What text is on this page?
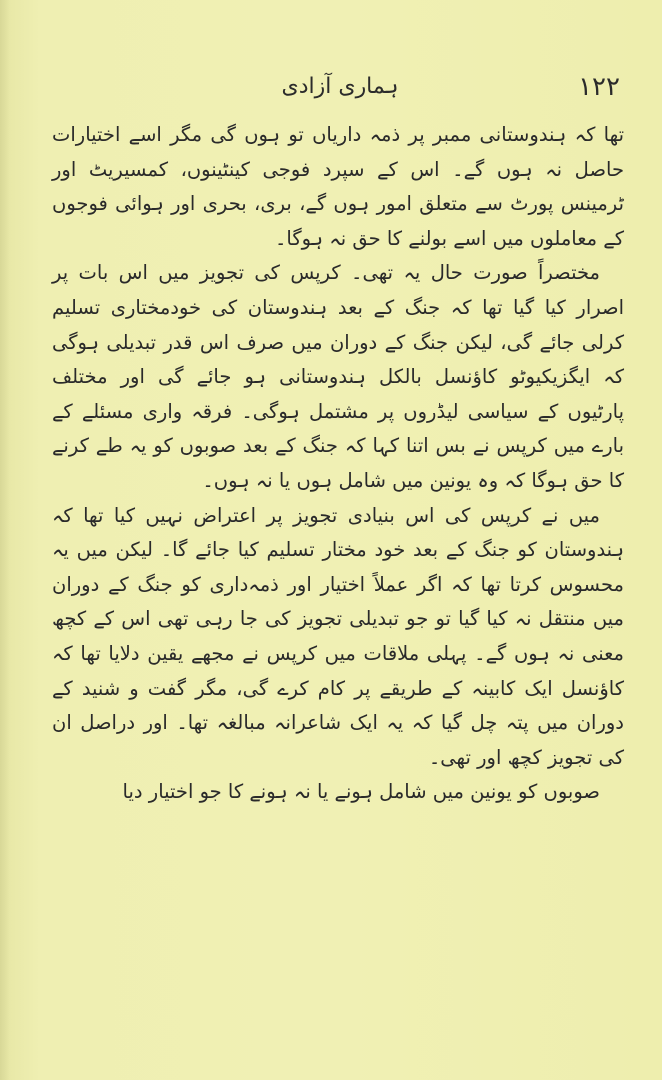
۱۲۲
ہماری آزادی

تھا کہ ہندوستانی ممبر پر ذمہ داریاں تو ہوں گی مگر اسے اختیارات حاصل نہ ہوں گے۔ اس کے سپرد فوجی کینٹینوں، کمسیریٹ اور ٹرمینس پورٹ سے متعلق امور ہوں گے، بری، بحری اور ہوائی فوجوں کے معاملوں میں اسے بولنے کا حق نہ ہوگا۔

مختصراً صورت حال یہ تھی۔ کرپس کی تجویز میں اس بات پر اصرار کیا گیا تھا کہ جنگ کے بعد ہندوستان کی خودمختاری تسلیم کرلی جائے گی، لیکن جنگ کے دوران میں صرف اس قدر تبدیلی ہوگی کہ ایگزیکیوٹو کاؤنسل بالکل ہندوستانی ہو جائے گی اور مختلف پارٹیوں کے سیاسی لیڈروں پر مشتمل ہوگی۔ فرقہ واری مسئلے کے بارے میں کرپس نے بس اتنا کہا کہ جنگ کے بعد صوبوں کو یہ طے کرنے کا حق ہوگا کہ وہ یونین میں شامل ہوں یا نہ ہوں۔

میں نے کرپس کی اس بنیادی تجویز پر اعتراض نہیں کیا تھا کہ ہندوستان کو جنگ کے بعد خود مختار تسلیم کیا جائے گا۔ لیکن میں یہ محسوس کرتا تھا کہ اگر عملاً اختیار اور ذمہ‌داری کو جنگ کے دوران میں منتقل نہ کیا گیا تو جو تبدیلی تجویز کی جا رہی تھی اس کے کچھ معنی نہ ہوں گے۔ پہلی ملاقات میں کرپس نے مجھے یقین دلایا تھا کہ کاؤنسل ایک کابینہ کے طریقے پر کام کرے گی، مگر گفت و شنید کے دوران میں پتہ چل گیا کہ یہ ایک شاعرانہ مبالغہ تھا۔ اور دراصل ان کی تجویز کچھ اور تھی۔

صوبوں کو یونین میں شامل ہونے یا نہ ہونے کا جو اختیار دیا
